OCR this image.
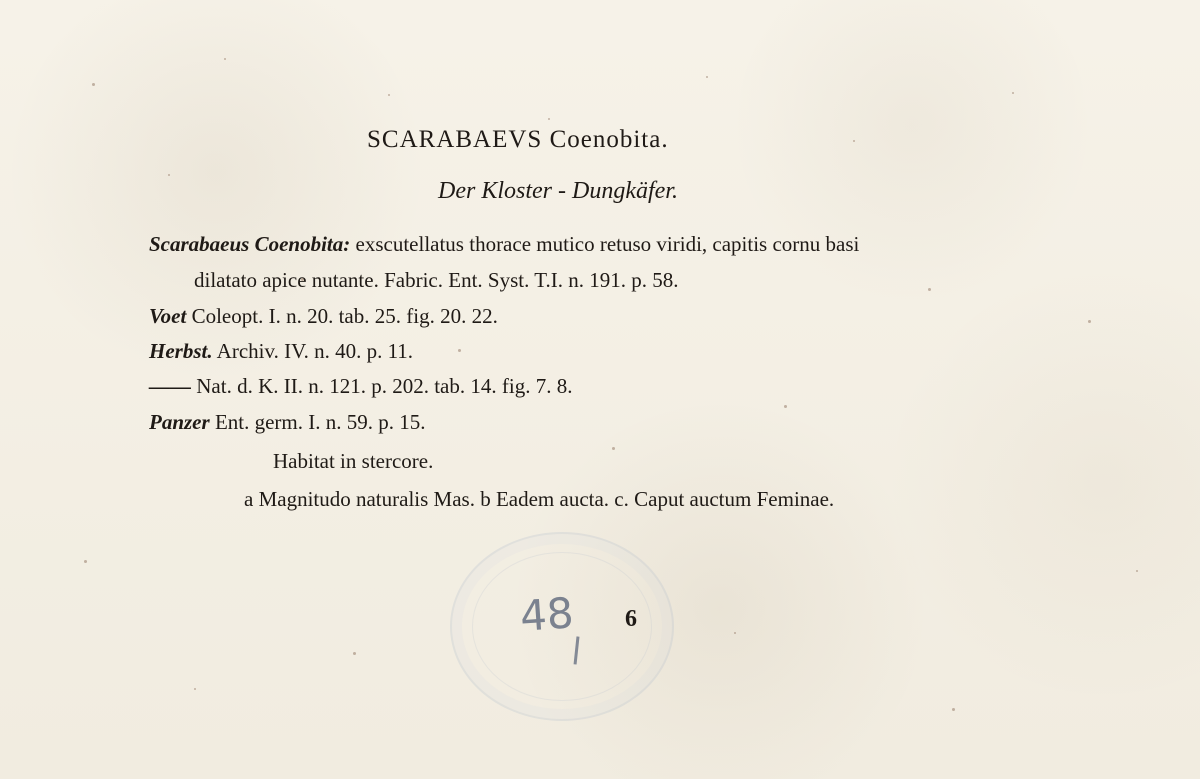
SCARABAEVS Coenobita.
Der Kloster - Dungkäfer.
Scarabaeus Coenobita: exscutellatus thorace mutico retuso viridi, capitis cornu basi
dilatato apice nutante. Fabric. Ent. Syst. T.I. n. 191. p. 58.
Voet Coleopt. I. n. 20. tab. 25. fig. 20. 22.
Herbst. Archiv. IV. n. 40. p. 11.
—— Nat. d. K. II. n. 121. p. 202. tab. 14. fig. 7. 8.
Panzer Ent. germ. I. n. 59. p. 15.
Habitat in stercore.
a Magnitudo naturalis Mas. b Eadem aucta. c. Caput auctum Feminae.
48 6
